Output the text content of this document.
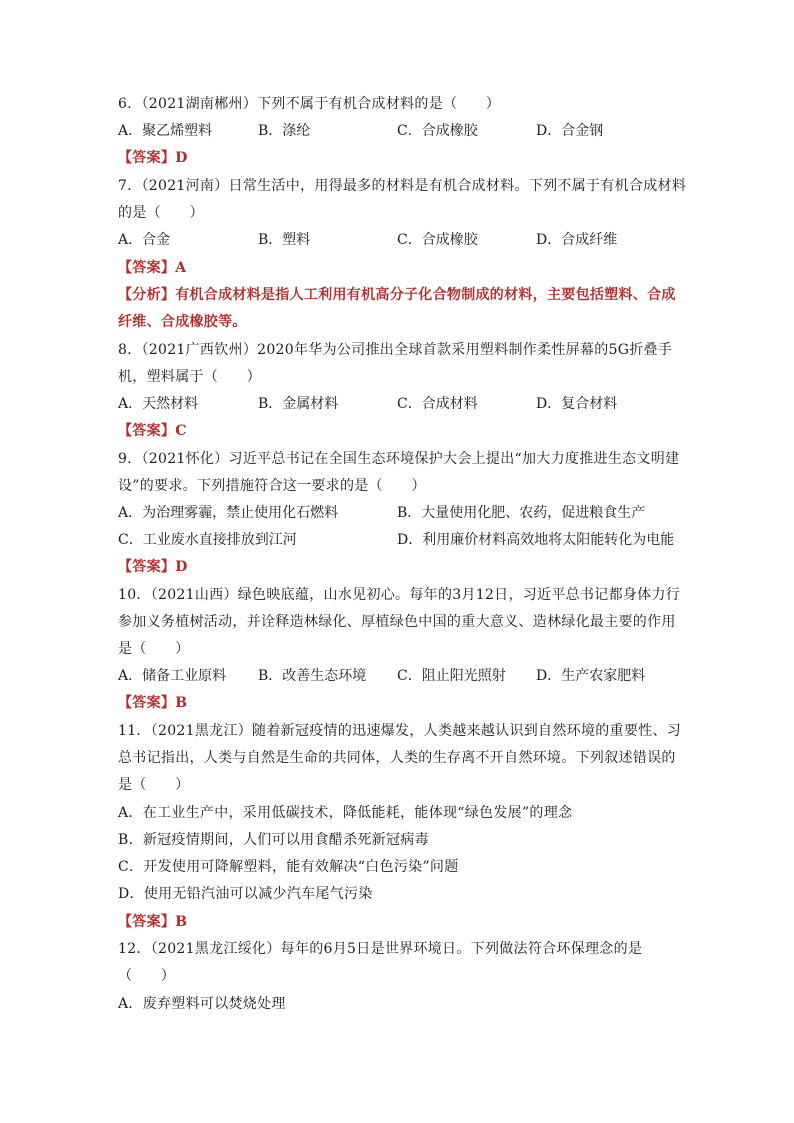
6．（2021湖南郴州）下列不属于有机合成材料的是（　　）
A．聚乙烯塑料	B．涤纶	C．合成橡胶	D．合金钢
【答案】D
7．（2021河南）日常生活中，用得最多的材料是有机合成材料。下列不属于有机合成材料
的是（　　）
A．合金	B．塑料	C．合成橡胶	D．合成纤维
【答案】A
【分析】有机合成材料是指人工利用有机高分子化合物制成的材料，主要包括塑料、合成
纤维、合成橡胶等。
8．（2021广西钦州）2020年华为公司推出全球首款采用塑料制作柔性屏幕的5G折叠手
机，塑料属于（　　）
A．天然材料	B．金属材料	C．合成材料	D．复合材料
【答案】C
9．（2021怀化）习近平总书记在全国生态环境保护大会上提出“加大力度推进生态文明建
设”的要求。下列措施符合这一要求的是（　　）
A．为治理雾霾，禁止使用化石燃料	B．大量使用化肥、农药，促进粮食生产
C．工业废水直接排放到江河	D．利用廉价材料高效地将太阳能转化为电能
【答案】D
10．（2021山西）绿色映底蕴，山水见初心。每年的3月12日，习近平总书记都身体力行
参加义务植树活动，并诠释造林绿化、厚植绿色中国的重大意义、造林绿化最主要的作用
是（　　）
A．储备工业原料 B．改善生态环境 C．阻止阳光照射 D．生产农家肥料
【答案】B
11．（2021黑龙江）随着新冠疫情的迅速爆发，人类越来越认识到自然环境的重要性、习
总书记指出，人类与自然是生命的共同体，人类的生存离不开自然环境。下列叙述错误的
是（　　）
A．在工业生产中，采用低碳技术，降低能耗，能体现“绿色发展”的理念
B．新冠疫情期间，人们可以用食醋杀死新冠病毒
C．开发使用可降解塑料，能有效解决“白色污染”问题
D．使用无铅汽油可以减少汽车尾气污染
【答案】B
12．（2021黑龙江绥化）每年的6月5日是世界环境日。下列做法符合环保理念的是
（　　）
A．废弃塑料可以焚烧处理
